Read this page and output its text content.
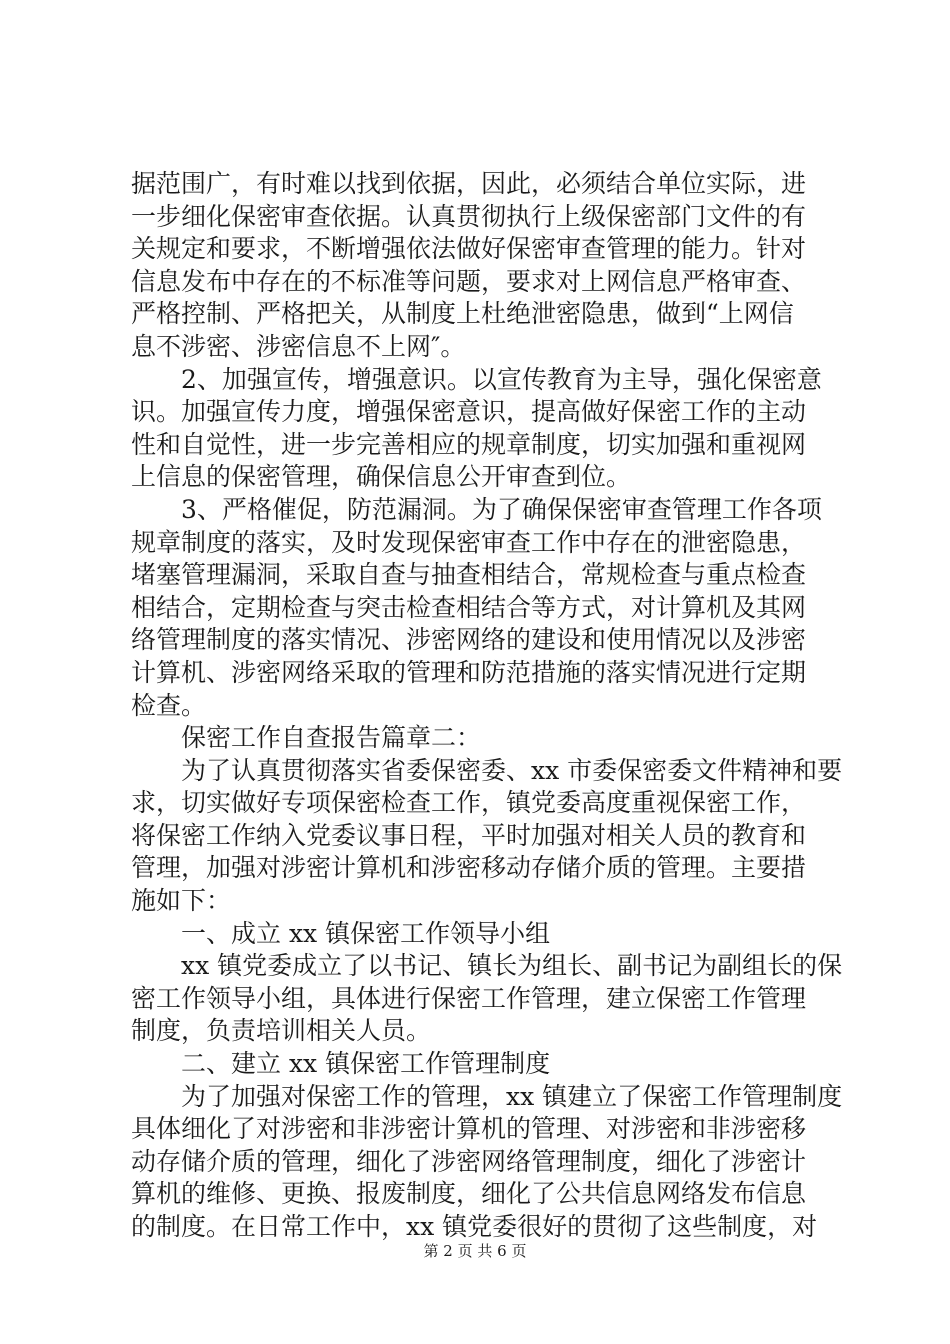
据范围广，有时难以找到依据，因此，必须结合单位实际，进
一步细化保密审查依据。认真贯彻执行上级保密部门文件的有
关规定和要求，不断增强依法做好保密审查管理的能力。针对
信息发布中存在的不标准等问题，要求对上网信息严格审查、
严格控制、严格把关，从制度上杜绝泄密隐患，做到“上网信
息不涉密、涉密信息不上网″。
　　2、加强宣传，增强意识。以宣传教育为主导，强化保密意
识。加强宣传力度，增强保密意识，提高做好保密工作的主动
性和自觉性，进一步完善相应的规章制度，切实加强和重视网
上信息的保密管理，确保信息公开审查到位。
　　3、严格催促，防范漏洞。为了确保保密审查管理工作各项
规章制度的落实，及时发现保密审查工作中存在的泄密隐患，
堵塞管理漏洞，采取自查与抽查相结合，常规检查与重点检查
相结合，定期检查与突击检查相结合等方式，对计算机及其网
络管理制度的落实情况、涉密网络的建设和使用情况以及涉密
计算机、涉密网络采取的管理和防范措施的落实情况进行定期
检查。
　　保密工作自查报告篇章二：
　　为了认真贯彻落实省委保密委、xx 市委保密委文件精神和要
求，切实做好专项保密检查工作，镇党委高度重视保密工作，
将保密工作纳入党委议事日程，平时加强对相关人员的教育和
管理，加强对涉密计算机和涉密移动存储介质的管理。主要措
施如下：
　　一、成立 xx 镇保密工作领导小组
　　xx 镇党委成立了以书记、镇长为组长、副书记为副组长的保
密工作领导小组，具体进行保密工作管理，建立保密工作管理
制度，负责培训相关人员。
　　二、建立 xx 镇保密工作管理制度
　　为了加强对保密工作的管理，xx 镇建立了保密工作管理制度
具体细化了对涉密和非涉密计算机的管理、对涉密和非涉密移
动存储介质的管理，细化了涉密网络管理制度，细化了涉密计
算机的维修、更换、报废制度，细化了公共信息网络发布信息
的制度。在日常工作中，xx 镇党委很好的贯彻了这些制度，对
第 2 页 共 6 页
